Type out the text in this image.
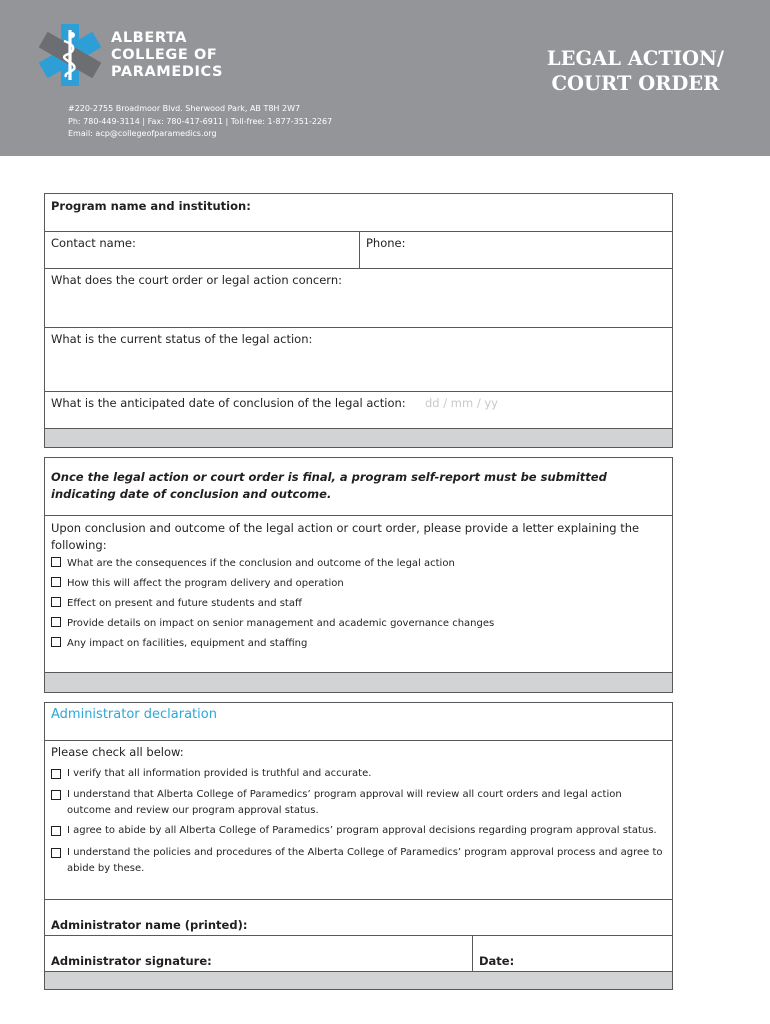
ALBERTA
COLLEGE OF
PARAMEDICS
LEGAL ACTION/
COURT ORDER
#220-2755 Broadmoor Blvd. Sherwood Park, AB T8H 2W7
Ph: 780-449-3114 | Fax: 780-417-6911 | Toll-free: 1-877-351-2267
Email: acp@collegeofparamedics.org
Program name and institution:
Contact name:	Phone:
What does the court order or legal action concern:
What is the current status of the legal action:
What is the anticipated date of conclusion of the legal action: dd / mm / yy
Once the legal action or court order is final, a program self-report must be submitted indicating date of conclusion and outcome.
Upon conclusion and outcome of the legal action or court order, please provide a letter explaining the following:
What are the consequences if the conclusion and outcome of the legal action
How this will affect the program delivery and operation
Effect on present and future students and staff
Provide details on impact on senior management and academic governance changes
Any impact on facilities, equipment and staffing
Administrator declaration
Please check all below:
I verify that all information provided is truthful and accurate.
I understand that Alberta College of Paramedics’ program approval will review all court orders and legal action outcome and review our program approval status.
I agree to abide by all Alberta College of Paramedics’ program approval decisions regarding program approval status.
I understand the policies and procedures of the Alberta College of Paramedics’ program approval process and agree to abide by these.
Administrator name (printed):
Administrator signature:	Date:
